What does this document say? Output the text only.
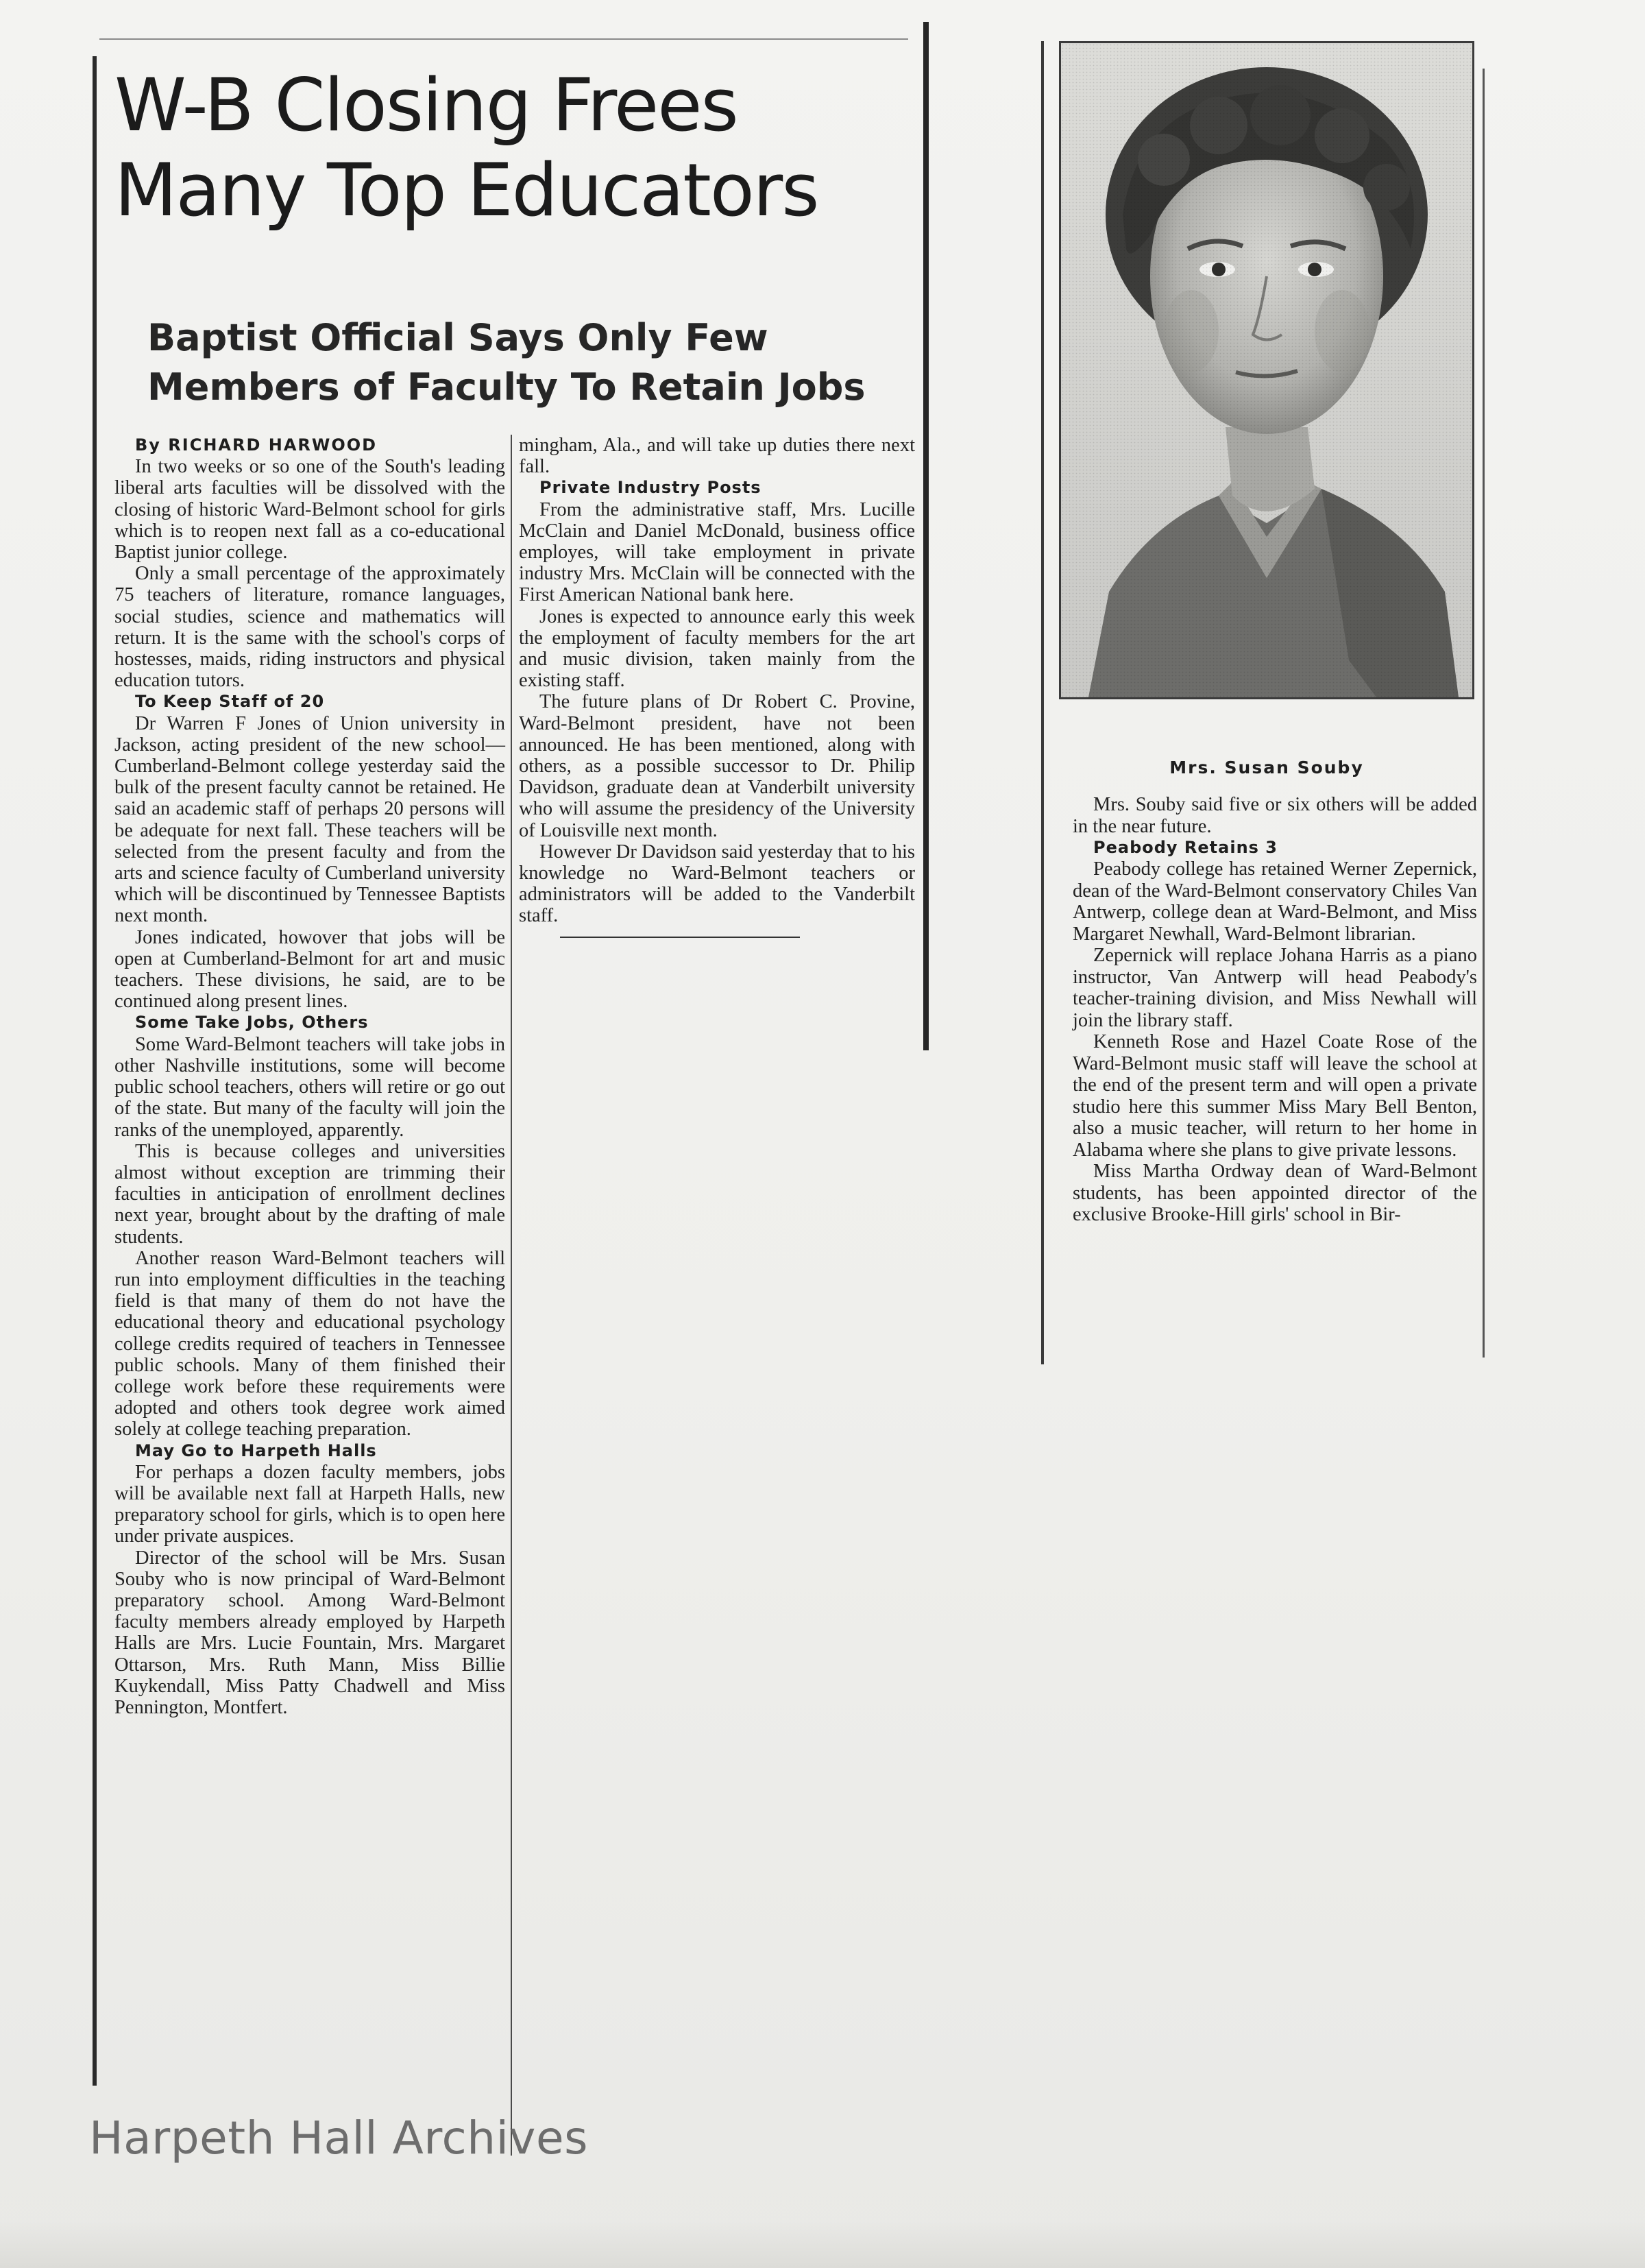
W-B Closing Frees
Many Top Educators
Baptist Official Says Only Few
Members of Faculty To Retain Jobs

By RICHARD HARWOOD

In two weeks or so one of the South's leading liberal arts faculties will be dissolved with the closing of historic Ward-Belmont school for girls which is to reopen next fall as a co-educational Baptist junior college.

Only a small percentage of the approximately 75 teachers of literature, romance languages, social studies, science and mathematics will return. It is the same with the school's corps of hostesses, maids, riding instructors and physical education tutors.

To Keep Staff of 20

Dr Warren F Jones of Union university in Jackson, acting president of the new school—Cumberland-Belmont college yesterday said the bulk of the present faculty cannot be retained. He said an academic staff of perhaps 20 persons will be adequate for next fall. These teachers will be selected from the present faculty and from the arts and science faculty of Cumberland university which will be discontinued by Tennessee Baptists next month.

Jones indicated, howover that jobs will be open at Cumberland-Belmont for art and music teachers. These divisions, he said, are to be continued along present lines.

Some Take Jobs, Others

Some Ward-Belmont teachers will take jobs in other Nashville institutions, some will become public school teachers, others will retire or go out of the state. But many of the faculty will join the ranks of the unemployed, apparently.

This is because colleges and universities almost without exception are trimming their faculties in anticipation of enrollment declines next year, brought about by the drafting of male students.

Another reason Ward-Belmont teachers will run into employment difficulties in the teaching field is that many of them do not have the educational theory and educational psychology college credits required of teachers in Tennessee public schools. Many of them finished their college work before these requirements were adopted and others took degree work aimed solely at college teaching preparation.

May Go to Harpeth Halls

For perhaps a dozen faculty members, jobs will be available next fall at Harpeth Halls, new preparatory school for girls, which is to open here under private auspices.

Director of the school will be Mrs. Susan Souby who is now principal of Ward-Belmont preparatory school. Among Ward-Belmont faculty members already employed by Harpeth Halls are Mrs. Lucie Fountain, Mrs. Margaret Ottarson, Mrs. Ruth Mann, Miss Billie Kuykendall, Miss Patty Chadwell and Miss Pennington, Montfert.

mingham, Ala., and will take up duties there next fall.

Private Industry Posts

From the administrative staff, Mrs. Lucille McClain and Daniel McDonald, business office employes, will take employment in private industry Mrs. McClain will be connected with the First American National bank here.

Jones is expected to announce early this week the employment of faculty members for the art and music division, taken mainly from the existing staff.

The future plans of Dr Robert C. Provine, Ward-Belmont president, have not been announced. He has been mentioned, along with others, as a possible successor to Dr. Philip Davidson, graduate dean at Vanderbilt university who will assume the presidency of the University of Louisville next month.

However Dr Davidson said yesterday that to his knowledge no Ward-Belmont teachers or administrators will be added to the Vanderbilt staff.

Mrs. Susan Souby

Mrs. Souby said five or six others will be added in the near future.

Peabody Retains 3

Peabody college has retained Werner Zepernick, dean of the Ward-Belmont conservatory Chiles Van Antwerp, college dean at Ward-Belmont, and Miss Margaret Newhall, Ward-Belmont librarian.

Zepernick will replace Johana Harris as a piano instructor, Van Antwerp will head Peabody's teacher-training division, and Miss Newhall will join the library staff.

Kenneth Rose and Hazel Coate Rose of the Ward-Belmont music staff will leave the school at the end of the present term and will open a private studio here this summer Miss Mary Bell Benton, also a music teacher, will return to her home in Alabama where she plans to give private lessons.

Miss Martha Ordway dean of Ward-Belmont students, has been appointed director of the exclusive Brooke-Hill girls' school in Bir-

Harpeth Hall Archives
